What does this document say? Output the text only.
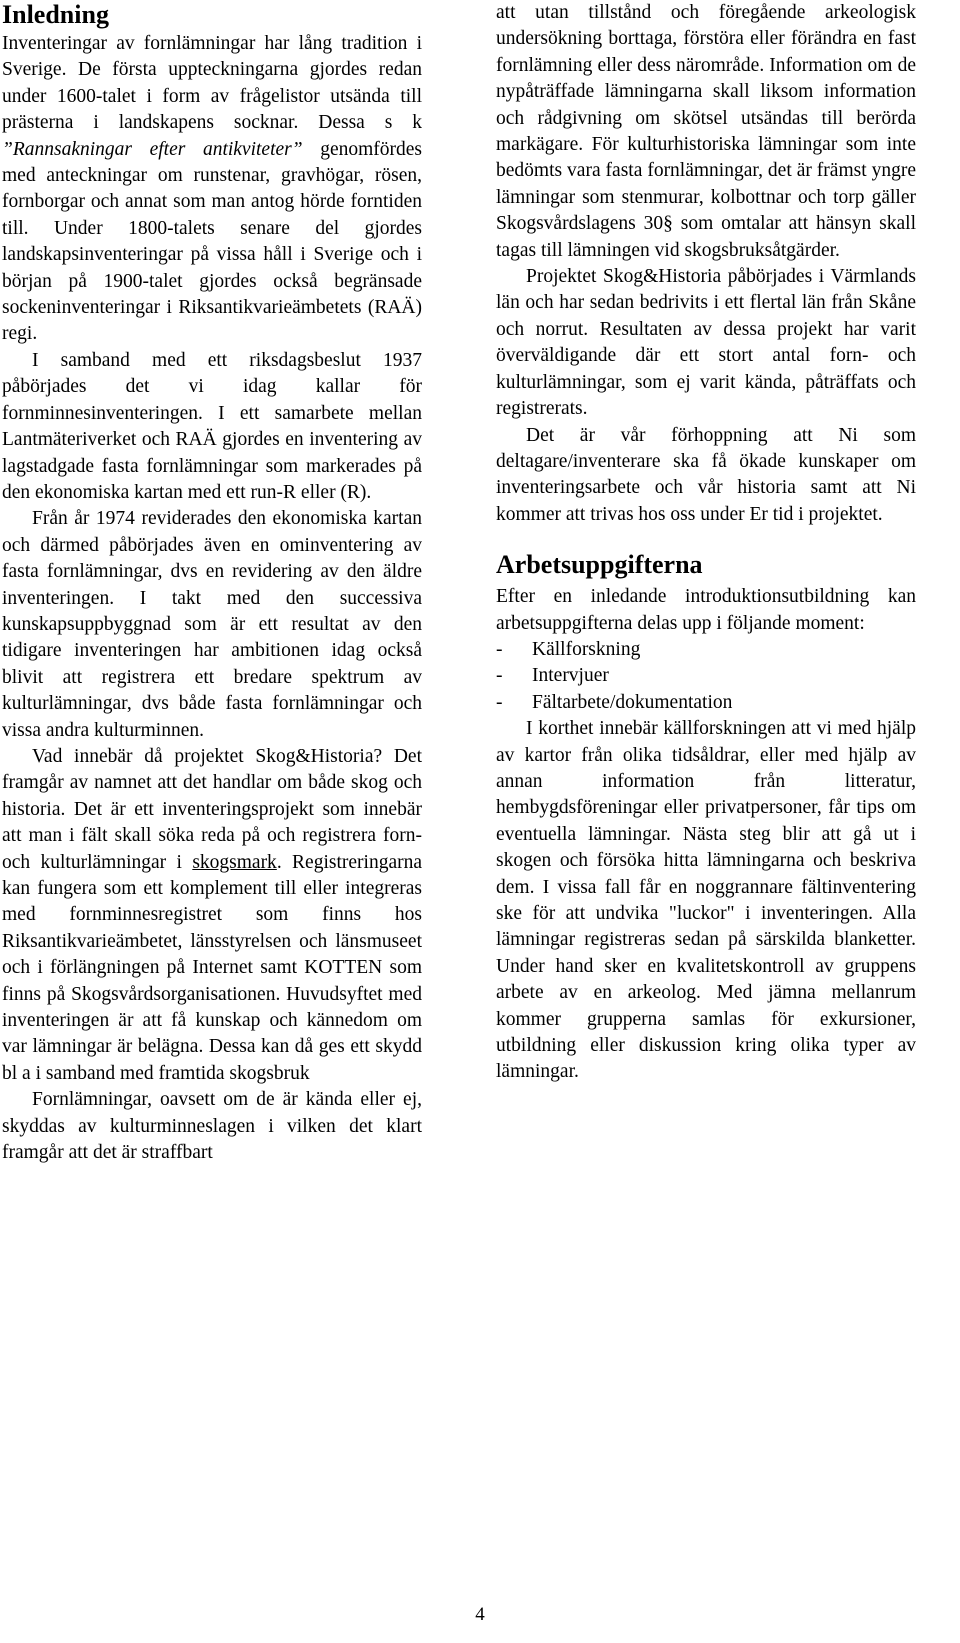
Inledning

Inventeringar av fornlämningar har lång tradition i Sverige. De första uppteckningarna gjordes redan under 1600-talet i form av frågelistor utsända till prästerna i landskapens socknar. Dessa s k ”Rannsakningar efter antikviteter” genomfördes med anteckningar om runstenar, gravhögar, rösen, fornborgar och annat som man antog hörde forntiden till. Under 1800-talets senare del gjordes landskapsinventeringar på vissa håll i Sverige och i början på 1900-talet gjordes också begränsade sockeninventeringar i Riksantikvarieämbetets (RAÄ) regi.

I samband med ett riksdagsbeslut 1937 påbörjades det vi idag kallar för fornminnesinventeringen. I ett samarbete mellan Lantmäteriverket och RAÄ gjordes en inventering av lagstadgade fasta fornlämningar som markerades på den ekonomiska kartan med ett run-R eller (R).

Från år 1974 reviderades den ekonomiska kartan och därmed påbörjades även en ominventering av fasta fornlämningar, dvs en revidering av den äldre inventeringen. I takt med den successiva kunskapsuppbyggnad som är ett resultat av den tidigare inventeringen har ambitionen idag också blivit att registrera ett bredare spektrum av kulturlämningar, dvs både fasta fornlämningar och vissa andra kulturminnen.

Vad innebär då projektet Skog&Historia? Det framgår av namnet att det handlar om både skog och historia. Det är ett inventeringsprojekt som innebär att man i fält skall söka reda på och registrera forn- och kulturlämningar i skogsmark. Registreringarna kan fungera som ett komplement till eller integreras med fornminnesregistret som finns hos Riksantikvarieämbetet, länsstyrelsen och länsmuseet och i förlängningen på Internet samt KOTTEN som finns på Skogsvårdsorganisationen. Huvudsyftet med inventeringen är att få kunskap och kännedom om var lämningar är belägna. Dessa kan då ges ett skydd bl a i samband med framtida skogsbruk

Fornlämningar, oavsett om de är kända eller ej, skyddas av kulturminneslagen i vilken det klart framgår att det är straffbart

att utan tillstånd och föregående arkeologisk undersökning borttaga, förstöra eller förändra en fast fornlämning eller dess närområde. Information om de nypåträffade lämningarna skall liksom information och rådgivning om skötsel utsändas till berörda markägare. För kulturhistoriska lämningar som inte bedömts vara fasta fornlämningar, det är främst yngre lämningar som stenmurar, kolbottnar och torp gäller Skogsvårdslagens 30§ som omtalar att hänsyn skall tagas till lämningen vid skogsbruksåtgärder.

Projektet Skog&Historia påbörjades i Värmlands län och har sedan bedrivits i ett flertal län från Skåne och norrut. Resultaten av dessa projekt har varit överväldigande där ett stort antal forn- och kulturlämningar, som ej varit kända, påträffats och registrerats.

Det är vår förhoppning att Ni som deltagare/inventerare ska få ökade kunskaper om inventeringsarbete och vår historia samt att Ni kommer att trivas hos oss under Er tid i projektet.

Arbetsuppgifterna

Efter en inledande introduktionsutbildning kan arbetsuppgifterna delas upp i följande moment:

-	Källforskning
-	Intervjuer
-	Fältarbete/dokumentation

I korthet innebär källforskningen att vi med hjälp av kartor från olika tidsåldrar, eller med hjälp av annan information från litteratur, hembygdsföreningar eller privatpersoner, får tips om eventuella lämningar. Nästa steg blir att gå ut i skogen och försöka hitta lämningarna och beskriva dem. I vissa fall får en noggrannare fältinventering ske för att undvika "luckor" i inventeringen. Alla lämningar registreras sedan på särskilda blanketter. Under hand sker en kvalitetskontroll av gruppens arbete av en arkeolog. Med jämna mellanrum kommer grupperna samlas för exkursioner, utbildning eller diskussion kring olika typer av lämningar.

4
